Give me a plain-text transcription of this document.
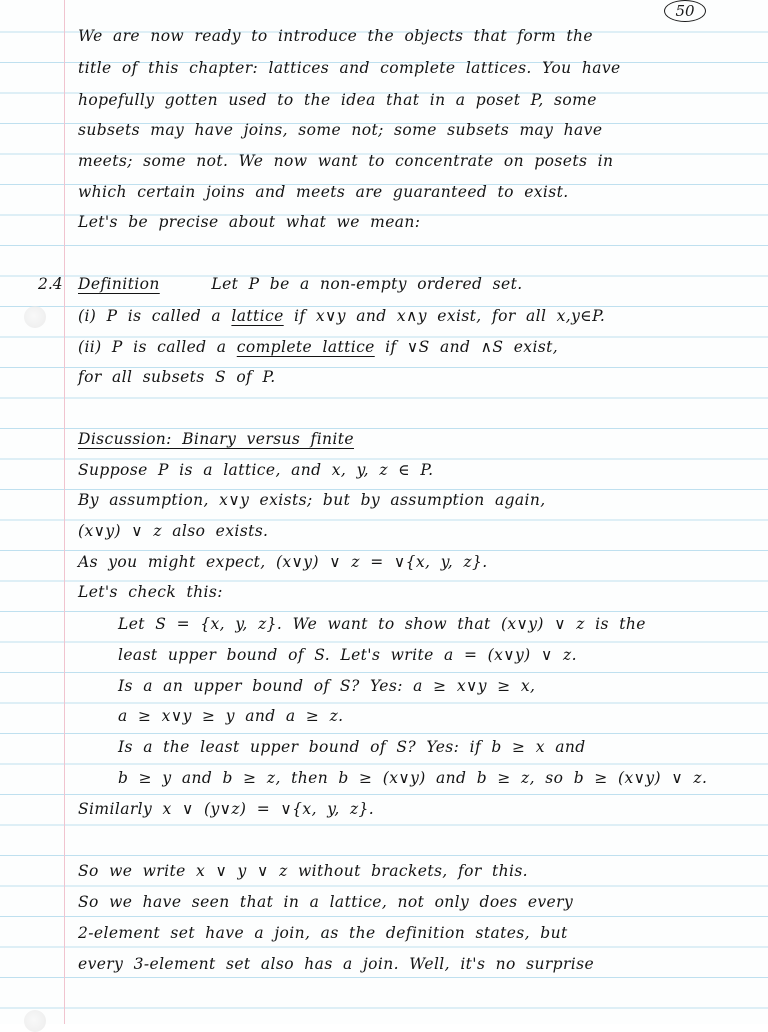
50
We are now ready to introduce the objects that form the
title of this chapter: lattices and complete lattices. You have
hopefully gotten used to the idea that in a poset P, some
subsets may have joins, some not; some subsets may have
meets; some not. We now want to concentrate on posets in
which certain joins and meets are guaranteed to exist.
Let's be precise about what we mean:
2.4 Definition	Let P be a non-empty ordered set.
(i) P is called a lattice if x∨y and x∧y exist, for all x,y∈P.
(ii) P is called a complete lattice if ∨S and ∧S exist,
for all subsets S of P.
Discussion: Binary versus finite
Suppose P is a lattice, and x, y, z ∈ P.
By assumption, x∨y exists; but by assumption again,
(x∨y) ∨ z also exists.
As you might expect, (x∨y) ∨ z = ∨{x, y, z}.
Let's check this:
Let S = {x, y, z}. We want to show that (x∨y) ∨ z is the
least upper bound of S. Let's write a = (x∨y) ∨ z.
Is a an upper bound of S? Yes: a ≥ x∨y ≥ x,
a ≥ x∨y ≥ y and a ≥ z.
Is a the least upper bound of S? Yes: if b ≥ x and
b ≥ y and b ≥ z, then b ≥ (x∨y) and b ≥ z, so b ≥ (x∨y) ∨ z.
Similarly x ∨ (y∨z) = ∨{x, y, z}.
So we write x ∨ y ∨ z without brackets, for this.
So we have seen that in a lattice, not only does every
2-element set have a join, as the definition states, but
every 3-element set also has a join. Well, it's no surprise
